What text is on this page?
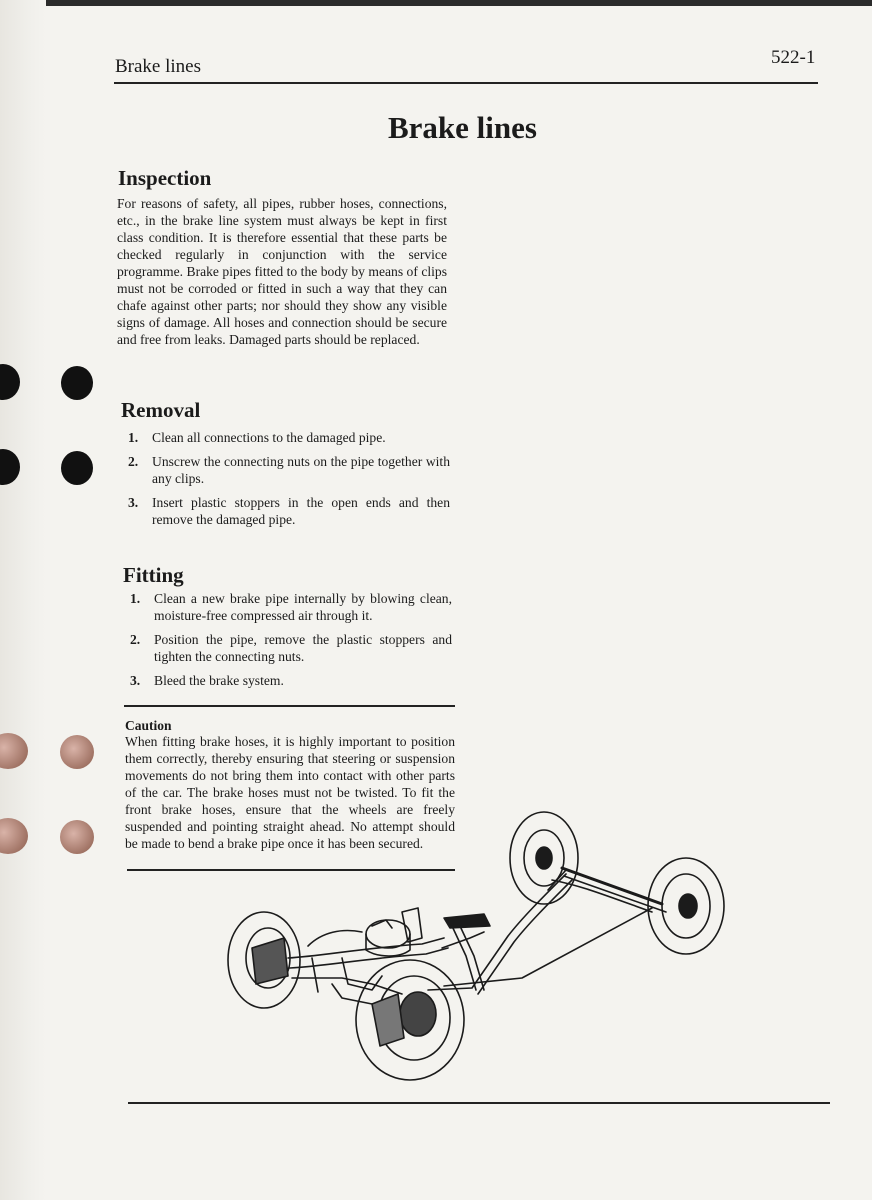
Brake lines	522-1
Brake lines
Inspection

For reasons of safety, all pipes, rubber hoses, connections, etc., in the brake line system must always be kept in first class condition. It is therefore essential that these parts be checked regularly in conjunction with the service programme. Brake pipes fitted to the body by means of clips must not be corroded or fitted in such a way that they can chafe against other parts; nor should they show any visible signs of damage. All hoses and connection should be secure and free from leaks. Damaged parts should be replaced.

Removal
1. Clean all connections to the damaged pipe.
2. Unscrew the connecting nuts on the pipe together with any clips.
3. Insert plastic stoppers in the open ends and then remove the damaged pipe.
Fitting
1. Clean a new brake pipe internally by blowing clean, moisture-free compressed air through it.
2. Position the pipe, remove the plastic stoppers and tighten the connecting nuts.
3. Bleed the brake system.
Caution

When fitting brake hoses, it is highly important to position them correctly, thereby ensuring that steering or suspension movements do not bring them into contact with other parts of the car. The brake hoses must not be twisted. To fit the front brake hoses, ensure that the wheels are freely suspended and pointing straight ahead. No attempt should be made to bend a brake pipe once it has been secured.
